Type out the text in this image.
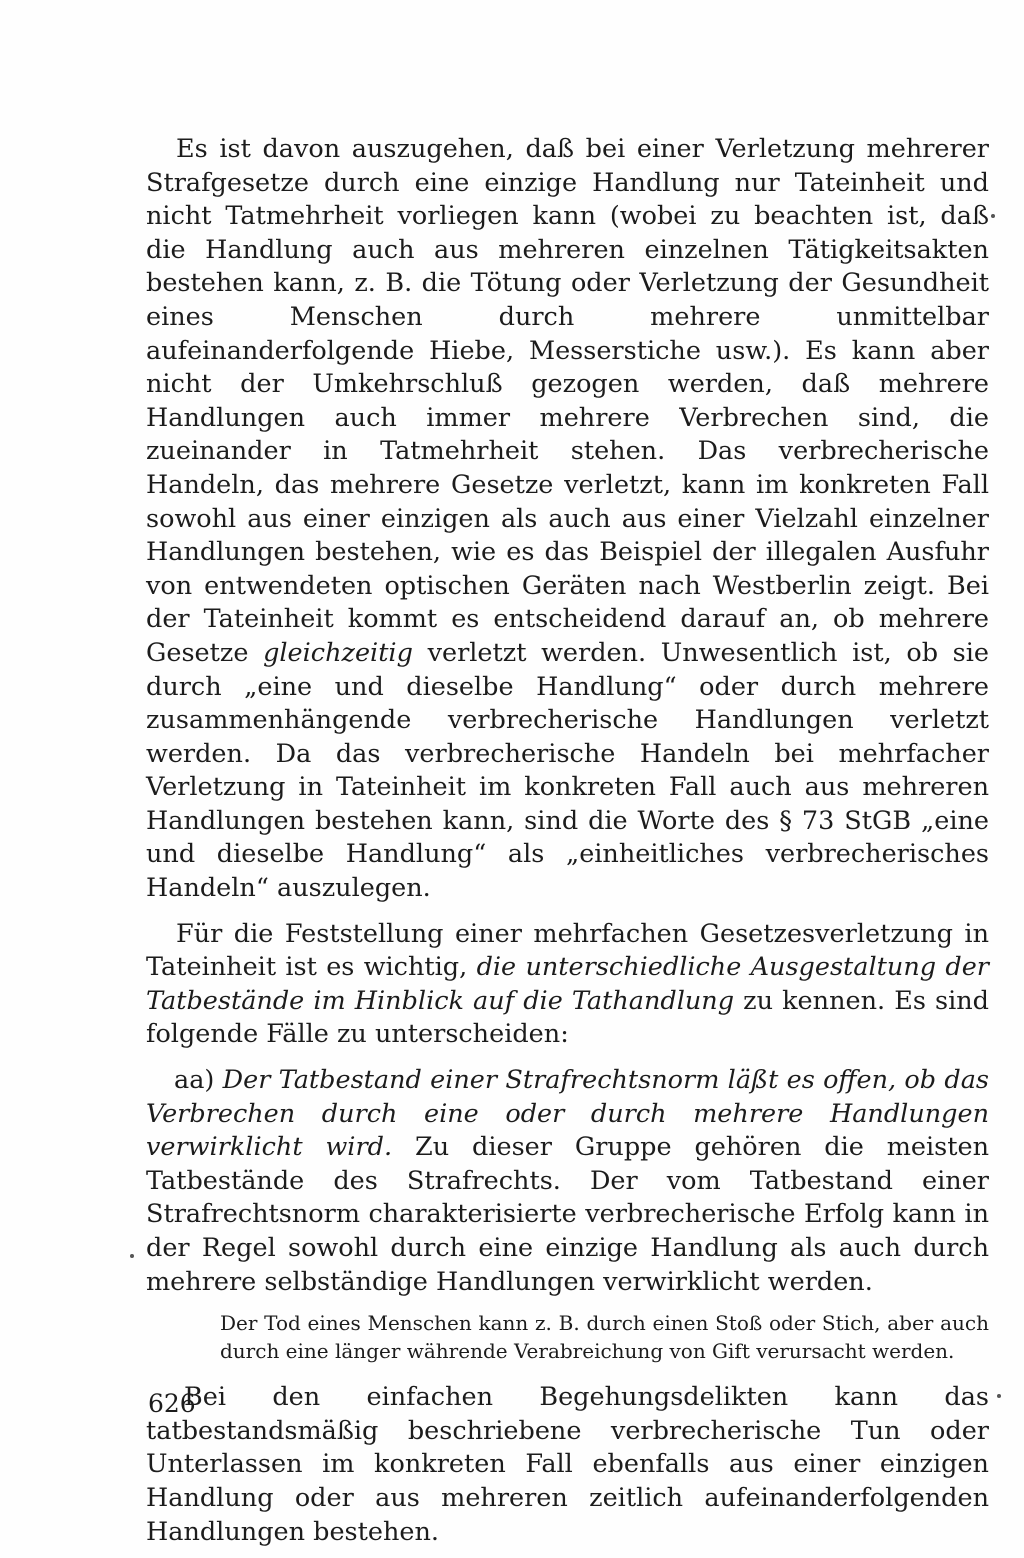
Es ist davon auszugehen, daß bei einer Verletzung mehrerer Strafgesetze durch eine einzige Handlung nur Tateinheit und nicht Tatmehrheit vorliegen kann (wobei zu beachten ist, daß die Handlung auch aus mehreren einzelnen Tätigkeitsakten bestehen kann, z. B. die Tötung oder Verletzung der Gesundheit eines Menschen durch mehrere unmittelbar aufeinanderfolgende Hiebe, Messerstiche usw.). Es kann aber nicht der Umkehrschluß gezogen werden, daß mehrere Handlungen auch immer mehrere Verbrechen sind, die zueinander in Tatmehrheit stehen. Das verbrecherische Handeln, das mehrere Gesetze verletzt, kann im konkreten Fall sowohl aus einer einzigen als auch aus einer Vielzahl einzelner Handlungen bestehen, wie es das Beispiel der illegalen Ausfuhr von entwendeten optischen Geräten nach Westberlin zeigt. Bei der Tateinheit kommt es entscheidend darauf an, ob mehrere Gesetze gleichzeitig verletzt werden. Unwesentlich ist, ob sie durch „eine und dieselbe Handlung“ oder durch mehrere zusammenhängende verbrecherische Handlungen verletzt werden. Da das verbrecherische Handeln bei mehrfacher Verletzung in Tateinheit im konkreten Fall auch aus mehreren Handlungen bestehen kann, sind die Worte des § 73 StGB „eine und dieselbe Handlung“ als „einheitliches verbrecherisches Handeln“ auszulegen.

Für die Feststellung einer mehrfachen Gesetzesverletzung in Tateinheit ist es wichtig, die unterschiedliche Ausgestaltung der Tatbestände im Hinblick auf die Tathandlung zu kennen. Es sind folgende Fälle zu unterscheiden:

aa) Der Tatbestand einer Strafrechtsnorm läßt es offen, ob das Verbrechen durch eine oder durch mehrere Handlungen verwirklicht wird. Zu dieser Gruppe gehören die meisten Tatbestände des Strafrechts. Der vom Tatbestand einer Strafrechtsnorm charakterisierte verbrecherische Erfolg kann in der Regel sowohl durch eine einzige Handlung als auch durch mehrere selbständige Handlungen verwirklicht werden.

Der Tod eines Menschen kann z. B. durch einen Stoß oder Stich, aber auch durch eine länger währende Verabreichung von Gift verursacht werden.

Bei den einfachen Begehungsdelikten kann das tatbestandsmäßig beschriebene verbrecherische Tun oder Unterlassen im konkreten Fall ebenfalls aus einer einzigen Handlung oder aus mehreren zeitlich aufeinanderfolgenden Handlungen bestehen.

626
